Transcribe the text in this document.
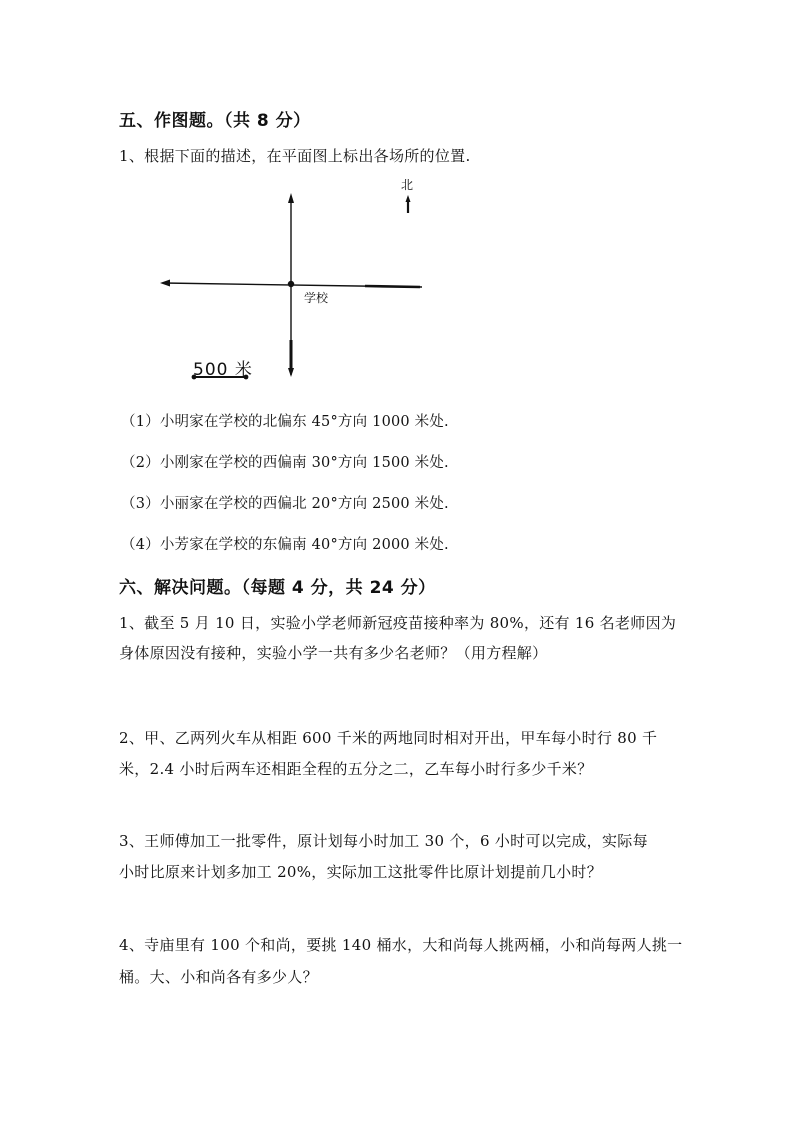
五、作图题。（共 8 分）
1、根据下面的描述，在平面图上标出各场所的位置.
北
学校
500 米
（1）小明家在学校的北偏东 45°方向 1000 米处.
（2）小刚家在学校的西偏南 30°方向 1500 米处.
（3）小丽家在学校的西偏北 20°方向 2500 米处.
（4）小芳家在学校的东偏南 40°方向 2000 米处.
六、解决问题。（每题 4 分，共 24 分）
1、截至 5 月 10 日，实验小学老师新冠疫苗接种率为 80%，还有 16 名老师因为
身体原因没有接种，实验小学一共有多少名老师？（用方程解）
2、甲、乙两列火车从相距 600 千米的两地同时相对开出，甲车每小时行 80 千
米，2.4 小时后两车还相距全程的五分之二，乙车每小时行多少千米？
3、王师傅加工一批零件，原计划每小时加工 30 个，6 小时可以完成，实际每
小时比原来计划多加工 20%，实际加工这批零件比原计划提前几小时？
4、寺庙里有 100 个和尚，要挑 140 桶水，大和尚每人挑两桶，小和尚每两人挑一
桶。大、小和尚各有多少人？
